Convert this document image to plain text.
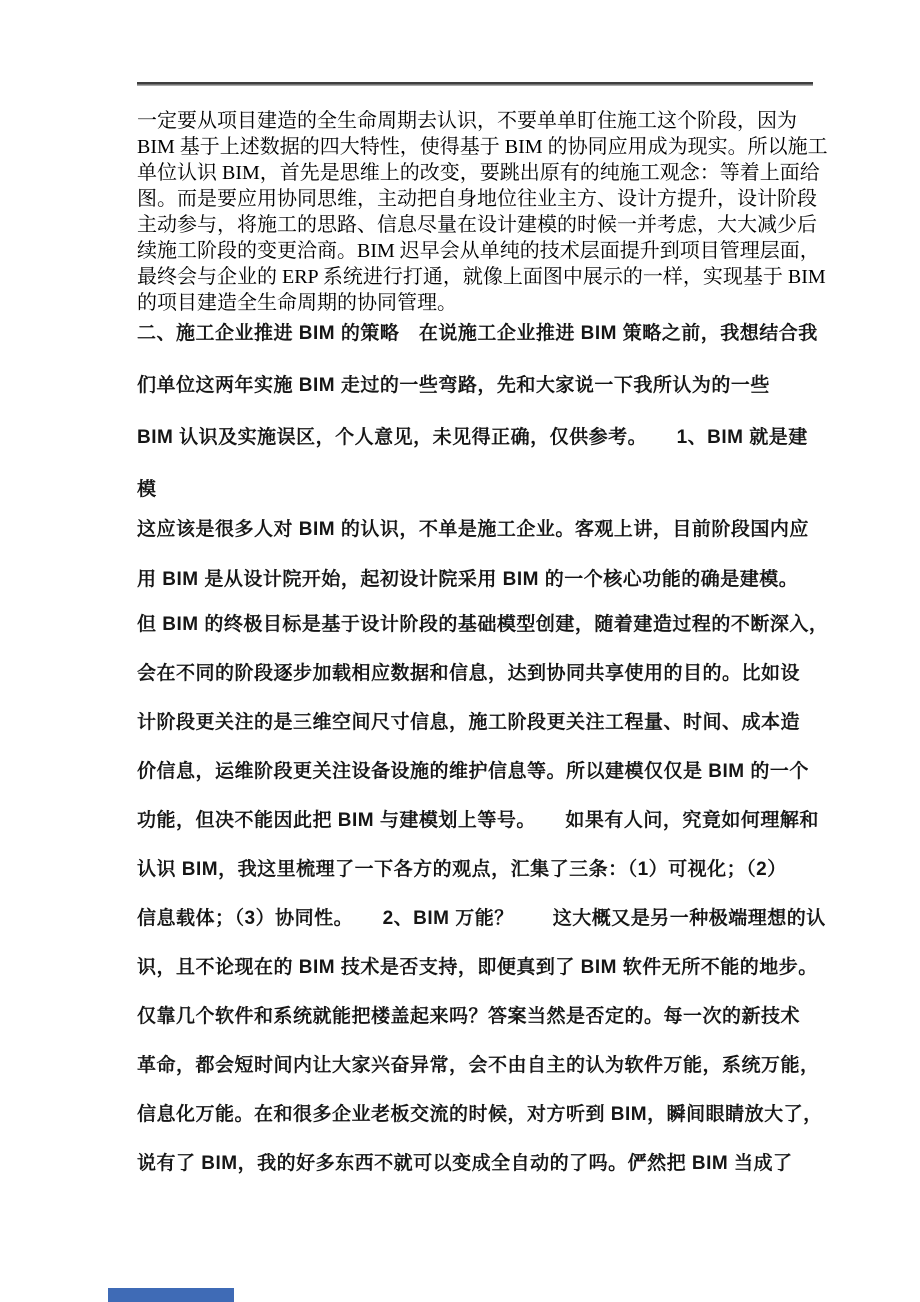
一定要从项目建造的全生命周期去认识，不要单单盯住施工这个阶段，因为
BIM 基于上述数据的四大特性，使得基于 BIM 的协同应用成为现实。所以施工
单位认识 BIM，首先是思维上的改变，要跳出原有的纯施工观念：等着上面给
图。而是要应用协同思维，主动把自身地位往业主方、设计方提升，设计阶段
主动参与，将施工的思路、信息尽量在设计建模的时候一并考虑，大大减少后
续施工阶段的变更洽商。BIM 迟早会从单纯的技术层面提升到项目管理层面，
最终会与企业的 ERP 系统进行打通，就像上面图中展示的一样，实现基于 BIM
的项目建造全生命周期的协同管理。
二、施工企业推进 BIM 的策略　在说施工企业推进 BIM 策略之前，我想结合我
们单位这两年实施 BIM 走过的一些弯路，先和大家说一下我所认为的一些
BIM 认识及实施误区，个人意见，未见得正确，仅供参考。　　1、BIM 就是建
模
这应该是很多人对 BIM 的认识，不单是施工企业。客观上讲，目前阶段国内应
用 BIM 是从设计院开始，起初设计院采用 BIM 的一个核心功能的确是建模。
但 BIM 的终极目标是基于设计阶段的基础模型创建，随着建造过程的不断深入，
会在不同的阶段逐步加载相应数据和信息，达到协同共享使用的目的。比如设
计阶段更关注的是三维空间尺寸信息，施工阶段更关注工程量、时间、成本造
价信息，运维阶段更关注设备设施的维护信息等。所以建模仅仅是 BIM 的一个
功能，但决不能因此把 BIM 与建模划上等号。　　如果有人问，究竟如何理解和
认识 BIM，我这里梳理了一下各方的观点，汇集了三条：（1）可视化；（2）
信息载体；（3）协同性。　　2、BIM 万能？　　这大概又是另一种极端理想的认
识，且不论现在的 BIM 技术是否支持，即便真到了 BIM 软件无所不能的地步。
仅靠几个软件和系统就能把楼盖起来吗？答案当然是否定的。每一次的新技术
革命，都会短时间内让大家兴奋异常，会不由自主的认为软件万能，系统万能，
信息化万能。在和很多企业老板交流的时候，对方听到 BIM，瞬间眼睛放大了，
说有了 BIM，我的好多东西不就可以变成全自动的了吗。俨然把 BIM 当成了
